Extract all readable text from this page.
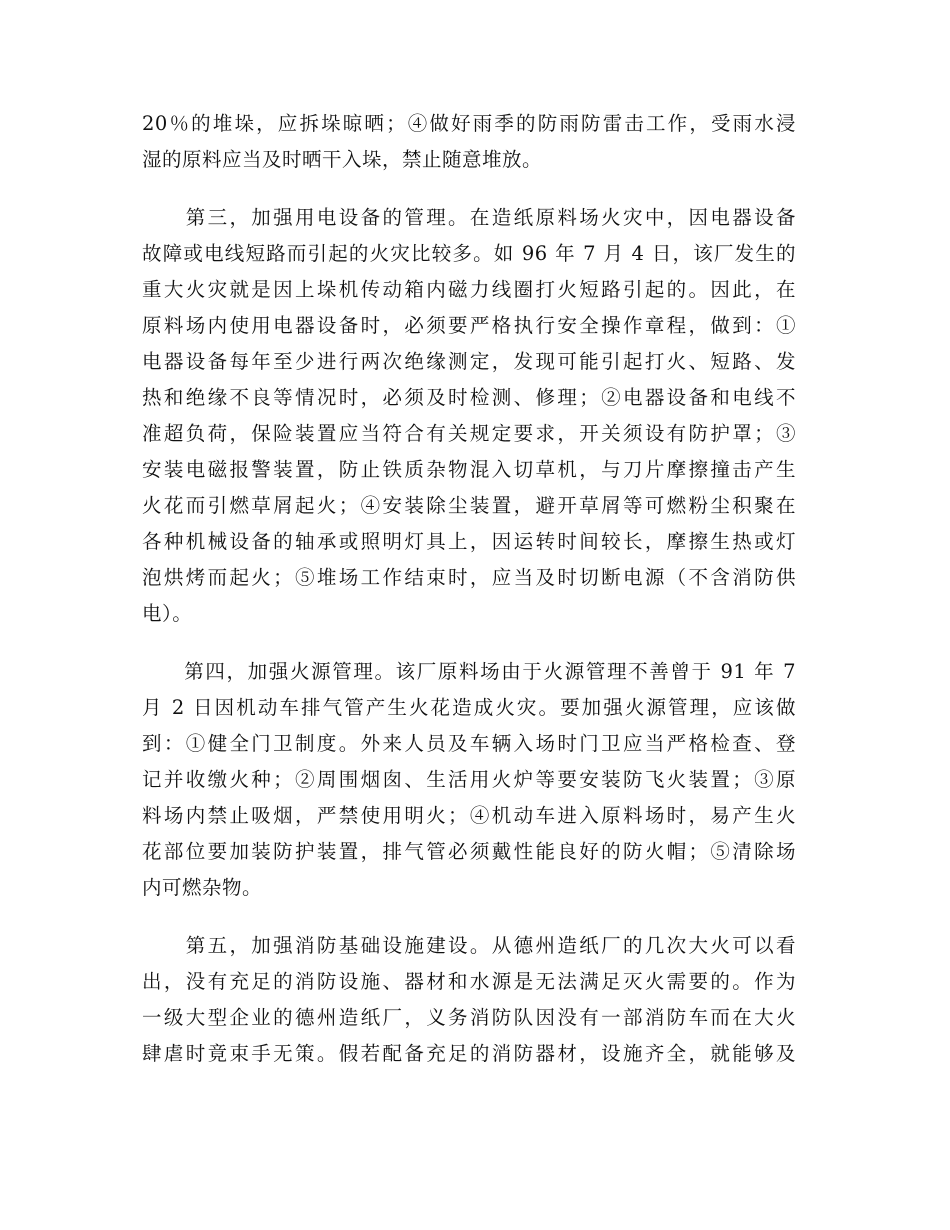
20％的堆垛，应拆垛晾晒；④做好雨季的防雨防雷击工作，受雨水浸
湿的原料应当及时晒干入垛，禁止随意堆放。
　　第三，加强用电设备的管理。在造纸原料场火灾中，因电器设备
故障或电线短路而引起的火灾比较多。如 96 年 7 月 4 日，该厂发生的
重大火灾就是因上垛机传动箱内磁力线圈打火短路引起的。因此，在
原料场内使用电器设备时，必须要严格执行安全操作章程，做到：①
电器设备每年至少进行两次绝缘测定，发现可能引起打火、短路、发
热和绝缘不良等情况时，必须及时检测、修理；②电器设备和电线不
准超负荷，保险装置应当符合有关规定要求，开关须设有防护罩；③
安装电磁报警装置，防止铁质杂物混入切草机，与刀片摩擦撞击产生
火花而引燃草屑起火；④安装除尘装置，避开草屑等可燃粉尘积聚在
各种机械设备的轴承或照明灯具上，因运转时间较长，摩擦生热或灯
泡烘烤而起火；⑤堆场工作结束时，应当及时切断电源（不含消防供
电）。
　　第四，加强火源管理。该厂原料场由于火源管理不善曾于 91 年 7
月 2 日因机动车排气管产生火花造成火灾。要加强火源管理，应该做
到：①健全门卫制度。外来人员及车辆入场时门卫应当严格检查、登
记并收缴火种；②周围烟囱、生活用火炉等要安装防飞火装置；③原
料场内禁止吸烟，严禁使用明火；④机动车进入原料场时，易产生火
花部位要加装防护装置，排气管必须戴性能良好的防火帽；⑤清除场
内可燃杂物。
　　第五，加强消防基础设施建设。从德州造纸厂的几次大火可以看
出，没有充足的消防设施、器材和水源是无法满足灭火需要的。作为
一级大型企业的德州造纸厂，义务消防队因没有一部消防车而在大火
肆虐时竟束手无策。假若配备充足的消防器材，设施齐全，就能够及
